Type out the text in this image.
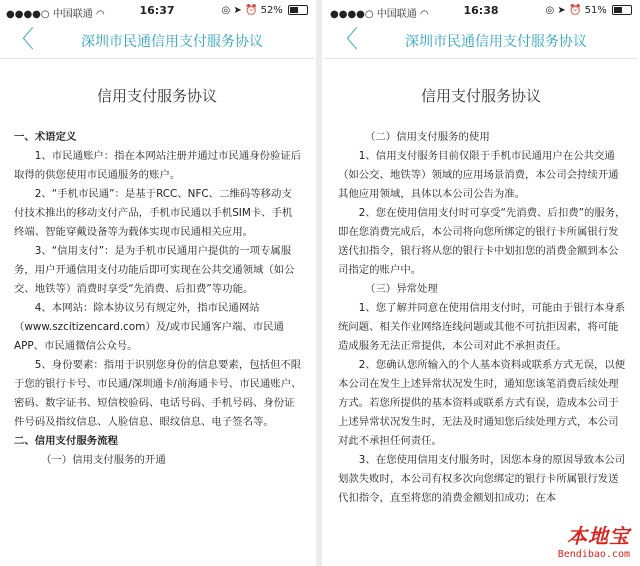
●●●●○ 中国联通 ◠	16:37	◎ ➤ ⏰ 52%
〈	深圳市民通信用支付服务协议
信用支付服务协议

一、术语定义

1、市民通账户：指在本网站注册并通过市民通身份验证后取得的供您使用市民通服务的账户。

2、“手机市民通”：是基于RCC、NFC、二维码等移动支付技术推出的移动支付产品，手机市民通以手机SIM卡、手机终端、智能穿戴设备等为载体实现市民通相关应用。

3、“信用支付”：是为手机市民通用户提供的一项专属服务，用户开通信用支付功能后即可实现在公共交通领域（如公交、地铁等）消费时享受“先消费、后扣费”等功能。

4、本网站：除本协议另有规定外，指市民通网站（www.szcitizencard.com）及/或市民通客户端、市民通APP、市民通微信公众号。

5、身份要素：指用于识别您身份的信息要素，包括但不限于您的银行卡号、市民通/深圳通卡/前海通卡号、市民通账户、密码、数字证书、短信校验码、电话号码、手机号码、身份证件号码及指纹信息、人脸信息、眼纹信息、电子签名等。

二、信用支付服务流程

（一）信用支付服务的开通

●●●●○ 中国联通 ◠	16:38	◎ ➤ ⏰ 51%
〈	深圳市民通信用支付服务协议
信用支付服务协议

（二）信用支付服务的使用

1、信用支付服务目前仅限于手机市民通用户在公共交通（如公交、地铁等）领域的应用场景消费，本公司会持续开通其他应用领域，具体以本公司公告为准。

2、您在使用信用支付时可享受“先消费、后扣费”的服务，即在您消费完成后，本公司将向您所绑定的银行卡所属银行发送代扣指令，银行将从您的银行卡中划扣您的消费金额到本公司指定的账户中。

（三）异常处理

1、您了解并同意在使用信用支付时，可能由于银行本身系统问题、相关作业网络连线问题或其他不可抗拒因素，将可能造成服务无法正常提供，本公司对此不承担责任。

2、您确认您所输入的个人基本资料或联系方式无误，以便本公司在发生上述异常状况发生时，通知您该笔消费后续处理方式。若您所提供的基本资料或联系方式有误，造成本公司于上述异常状况发生时，无法及时通知您后续处理方式，本公司对此不承担任何责任。

3、在您使用信用支付服务时，因您本身的原因导致本公司划款失败时，本公司有权多次向您绑定的银行卡所属银行发送代扣指令，直至将您的消费金额划扣成功；在本

本地宝
Bendibao.com
